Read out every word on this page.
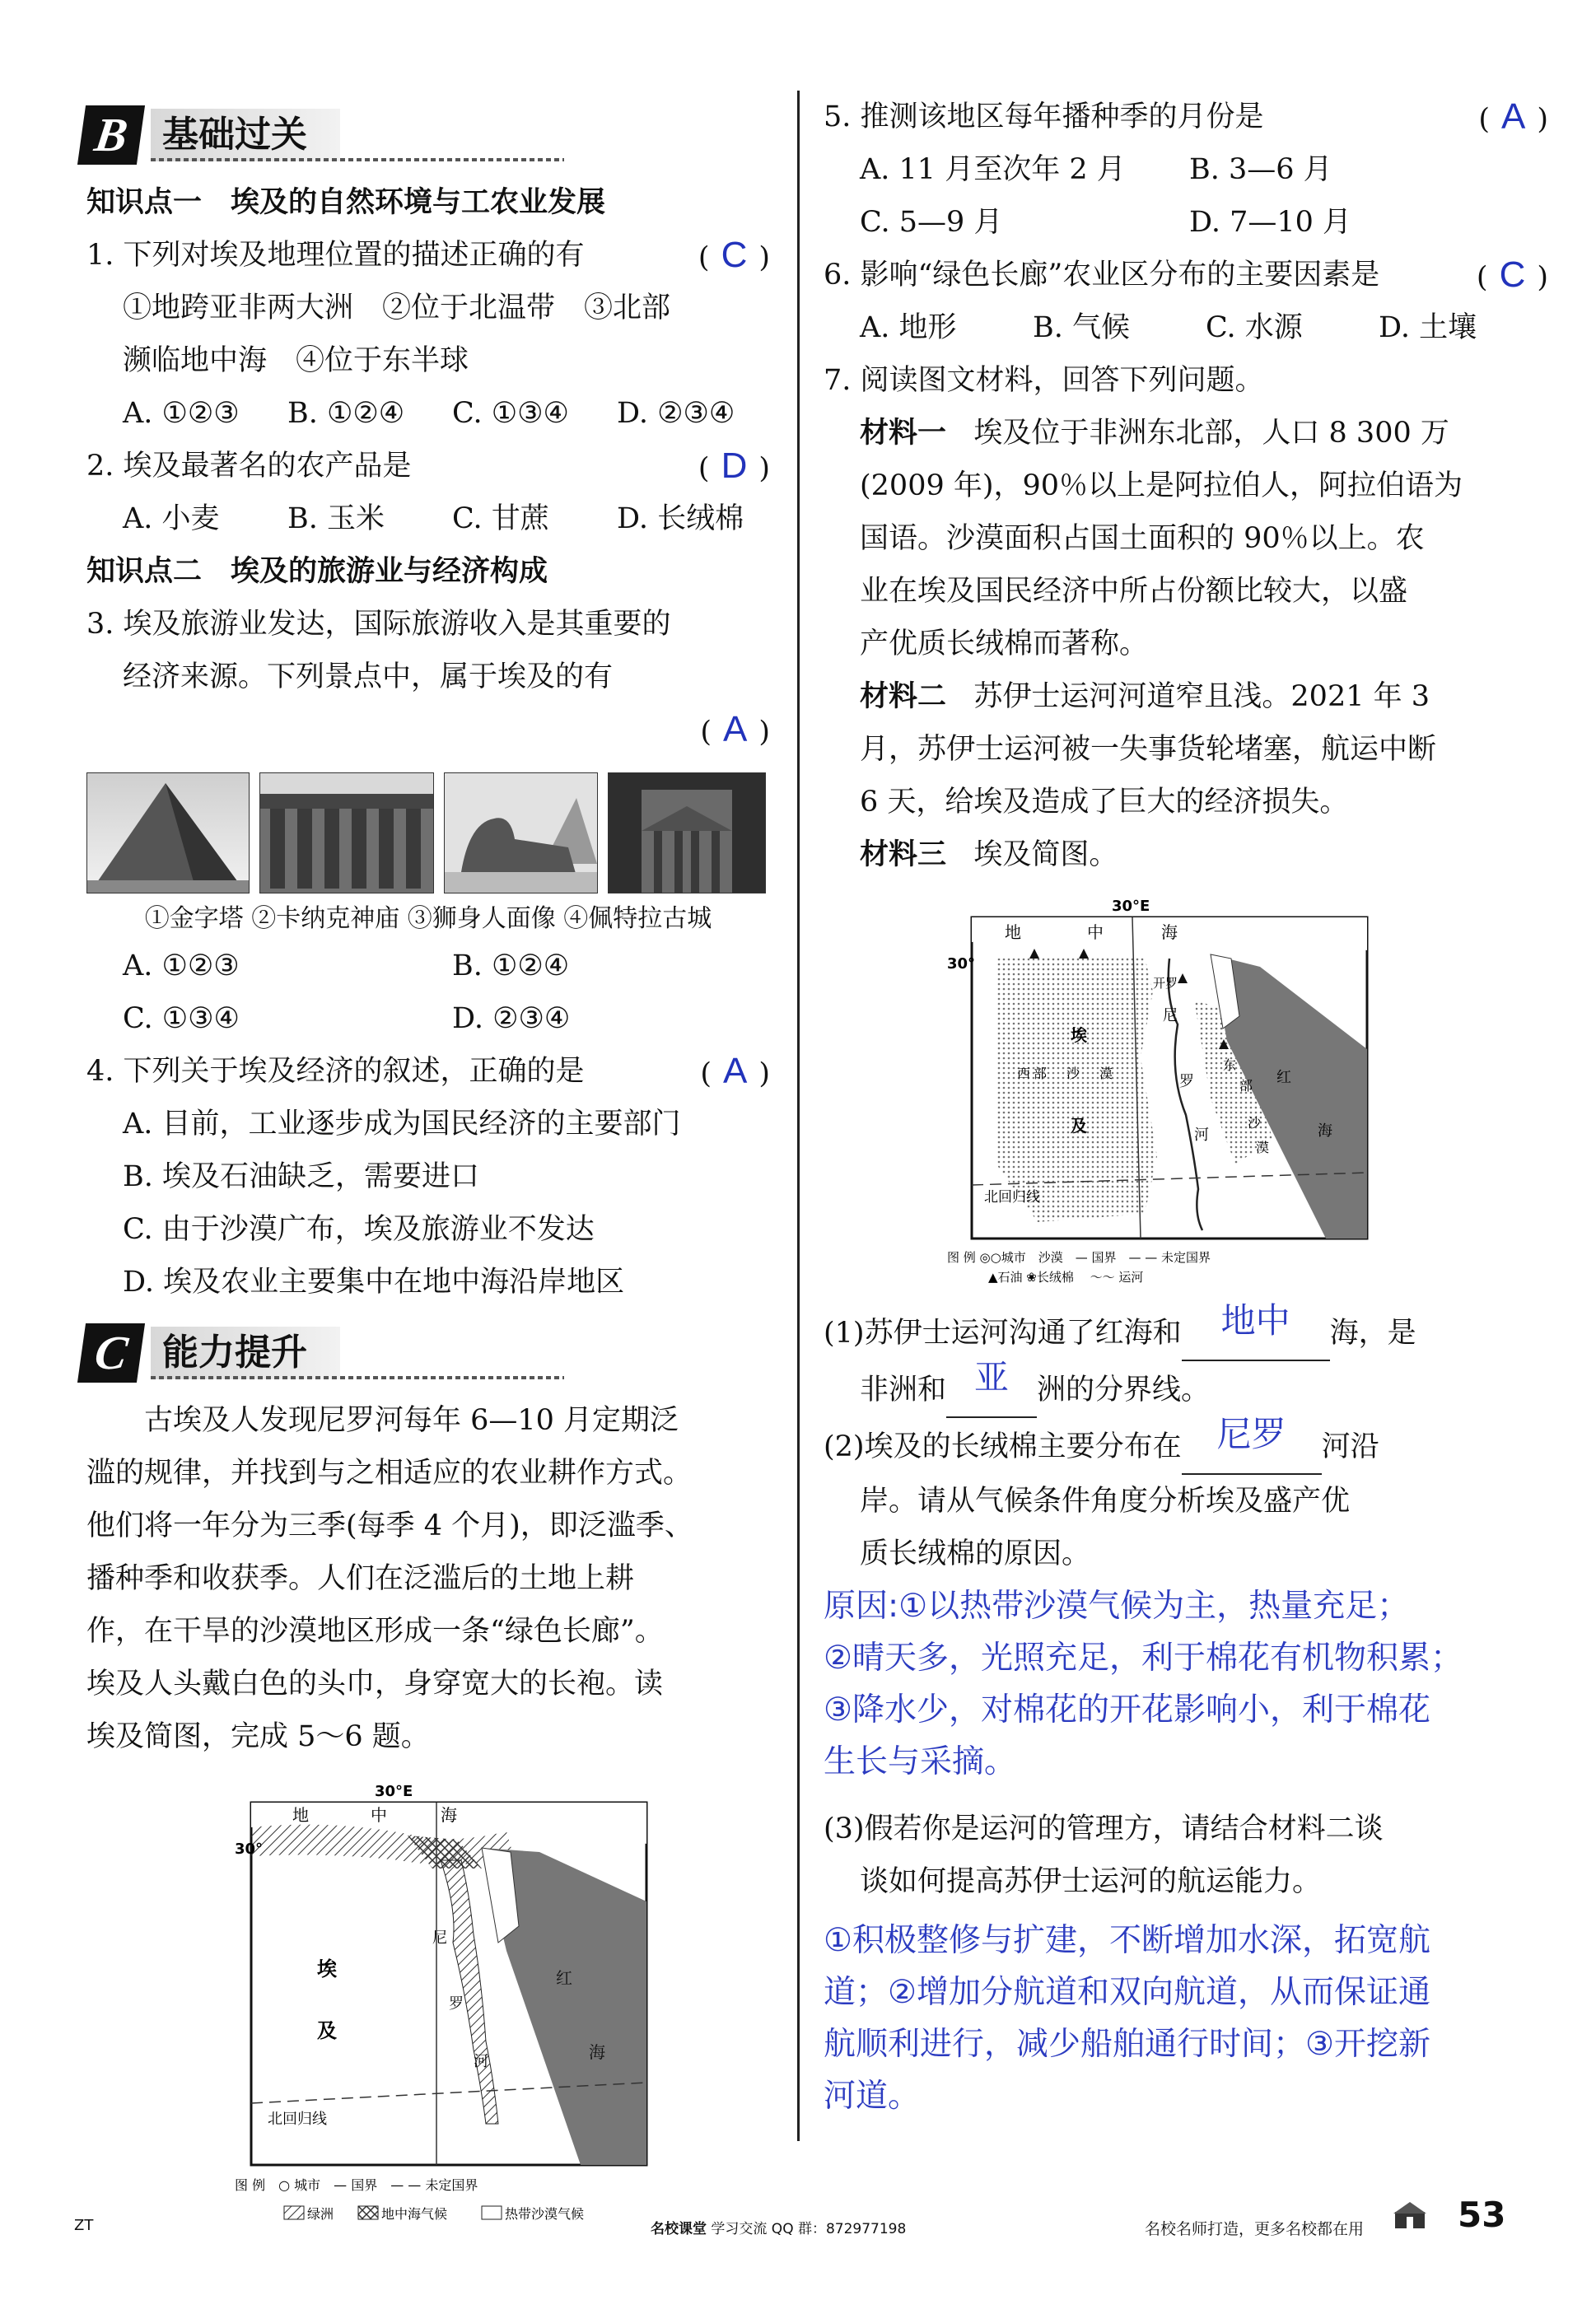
B 基础过关
知识点一　埃及的自然环境与工农业发展
1. 下列对埃及地理位置的描述正确的有	( C )
①地跨亚非两大洲　②位于北温带　③北部
濒临地中海　④位于东半球
A. ①②③	B. ①②④	C. ①③④	D. ②③④
2. 埃及最著名的农产品是	( D )
A. 小麦	B. 玉米	C. 甘蔗	D. 长绒棉
知识点二　埃及的旅游业与经济构成
3. 埃及旅游业发达，国际旅游收入是其重要的
经济来源。下列景点中，属于埃及的有
( A )

①金字塔 ②卡纳克神庙 ③狮身人面像 ④佩特拉古城
A. ①②③	B. ①②④
C. ①③④	D. ②③④
4. 下列关于埃及经济的叙述，正确的是	( A )
A. 目前，工业逐步成为国民经济的主要部门
B. 埃及石油缺乏，需要进口
C. 由于沙漠广布，埃及旅游业不发达
D. 埃及农业主要集中在地中海沿岸地区
C 能力提升
古埃及人发现尼罗河每年 6—10 月定期泛
滥的规律，并找到与之相适应的农业耕作方式。
他们将一年分为三季(每季 4 个月)，即泛滥季、
播种季和收获季。人们在泛滥后的土地上耕
作，在干旱的沙漠地区形成一条“绿色长廊”。
埃及人头戴白色的头巾，身穿宽大的长袍。读
埃及简图，完成 5～6 题。
30°E
地	中	海
30°
红
海
尼
罗
河
埃
及
北回归线
图 例　○ 城市　— 国界　— — 未定国界
绿洲	地中海气候	热带沙漠气候
5. 推测该地区每年播种季的月份是	( A )
A. 11 月至次年 2 月	B. 3—6 月
C. 5—9 月	D. 7—10 月
6. 影响“绿色长廊”农业区分布的主要因素是	( C )
A. 地形	B. 气候	C. 水源	D. 土壤
7. 阅读图文材料，回答下列问题。
材料一 埃及位于非洲东北部，人口 8 300 万
(2009 年)，90％以上是阿拉伯人，阿拉伯语为
国语。沙漠面积占国土面积的 90％以上。农
业在埃及国民经济中所占份额比较大，以盛
产优质长绒棉而著称。
材料二 苏伊士运河河道窄且浅。2021 年 3
月，苏伊士运河被一失事货轮堵塞，航运中断
6 天，给埃及造成了巨大的经济损失。
材料三 埃及简图。
30°E
地	中	海
30°
红
海
开罗
尼
罗
河
埃
及
西 部 沙 漠
东
部
沙
漠
北回归线
图 例 ◎○城市　沙漠　— 国界　— — 未定国界
▲石油 ❀长绒棉　 ～～ 运河
(1)苏伊士运河沟通了红海和 地中 海，是
非洲和 亚 洲的分界线。
(2)埃及的长绒棉主要分布在 尼罗 河沿
岸。请从气候条件角度分析埃及盛产优
质长绒棉的原因。
原因:①以热带沙漠气候为主，热量充足；
②晴天多，光照充足，利于棉花有机物积累；
③降水少，对棉花的开花影响小，利于棉花
生长与采摘。
(3)假若你是运河的管理方，请结合材料二谈
谈如何提高苏伊士运河的航运能力。
①积极整修与扩建，不断增加水深，拓宽航
道；②增加分航道和双向航道，从而保证通
航顺利进行，减少船舶通行时间；③开挖新
河道。
ZT	名校课堂 学习交流 QQ 群：872977198	名校名师打造，更多名校都在用	53
